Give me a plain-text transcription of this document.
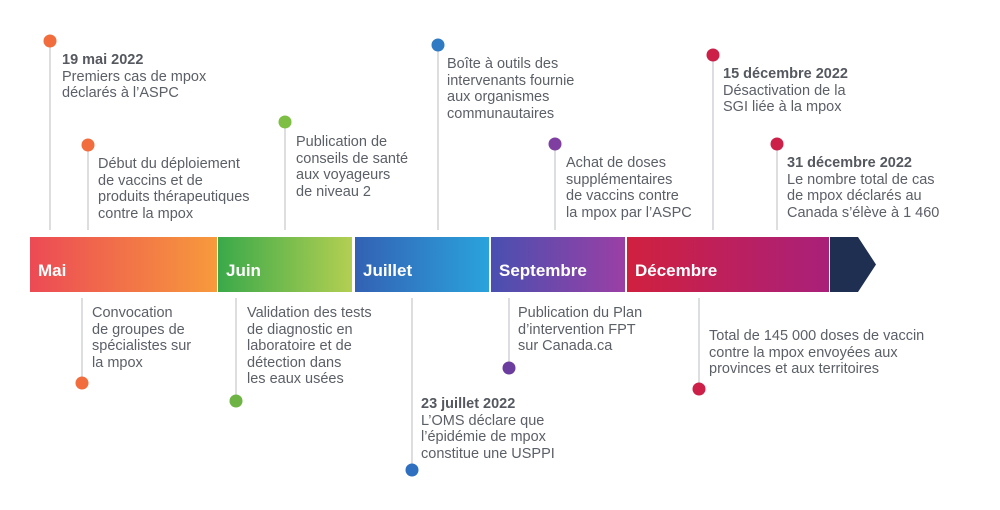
Mai	Juin	Juillet	Septembre	Décembre
19 mai 2022
Premiers cas de mpox
déclarés à l’ASPC
Début du déploiement
de vaccins et de
produits thérapeutiques
contre la mpox
Publication de
conseils de santé
aux voyageurs
de niveau 2
Boîte à outils des
intervenants fournie
aux organismes
communautaires
Achat de doses
supplémentaires
de vaccins contre
la mpox par l’ASPC
15 décembre 2022
Désactivation de la
SGI liée à la mpox
31 décembre 2022
Le nombre total de cas
de mpox déclarés au
Canada s’élève à 1 460
Convocation
de groupes de
spécialistes sur
la mpox
Validation des tests
de diagnostic en
laboratoire et de
détection dans
les eaux usées
23 juillet 2022
L’OMS déclare que
l’épidémie de mpox
constitue une USPPI
Publication du Plan
d’intervention FPT
sur Canada.ca
Total de 145 000 doses de vaccin
contre la mpox envoyées aux
provinces et aux territoires
